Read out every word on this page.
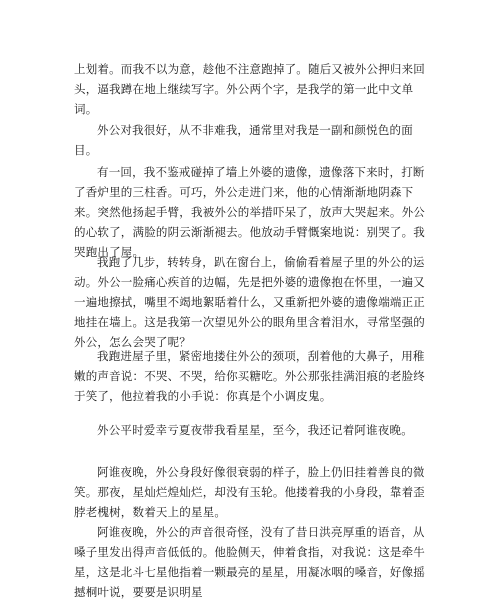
上划着。而我不以为意，趁他不注意跑掉了。随后又被外公押归来回头，逼我蹲在地上继续写字。外公两个字，是我学的第一此中文单词。

外公对我很好，从不非难我，通常里对我是一副和颜悦色的面目。

有一回，我不鉴戒碰掉了墙上外婆的遗像，遗像落下来时，打断了香炉里的三柱香。可巧，外公走进门来，他的心情渐渐地阴森下来。突然他扬起手臂，我被外公的举措吓呆了，放声大哭起来。外公的心软了，满脸的阴云渐渐褪去。他放动手臂慨案地说：别哭了。我哭跑出了屋。

我跑了几步，转转身，趴在窗台上，偷偷看着屋子里的外公的运动。外公一脸痛心疾首的边幅，先是把外婆的遗像抱在怀里，一遍又一遍地擦拭，嘴里不竭地絮聒着什么，又重新把外婆的遗像端端正正地挂在墙上。这是我第一次望见外公的眼角里含着泪水，寻常坚强的外公，怎么会哭了呢？

我跑进屋子里，紧密地搂住外公的颈项，刮着他的大鼻子，用稚嫩的声音说：不哭、不哭，给你买糖吃。外公那张挂满泪痕的老脸终于笑了，他拉着我的小手说：你真是个小调皮鬼。

外公平时爱幸亏夏夜带我看星星，至今，我还记着阿谁夜晚。

阿谁夜晚，外公身段好像很衰弱的样子，脸上仍旧挂着善良的微笑。那夜，星灿烂煌灿烂，却没有玉轮。他搂着我的小身段，靠着歪脖老槐树，数着天上的星星。

阿谁夜晚，外公的声音很奇怪，没有了昔日洪亮厚重的语音，从嗓子里发出得声音低低的。他脸侧天，伸着食指，对我说：这是牵牛星，这是北斗七星他指着一颗最亮的星星，用凝冰咽的嗓音，好像摇撼桐叶说，要要是识明星
